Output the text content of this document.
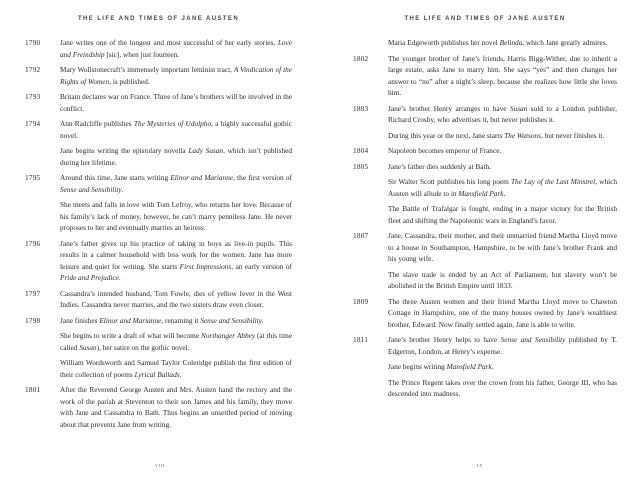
THE LIFE AND TIMES OF JANE AUSTEN
1790	Jane writes one of the longest and most successful of her early stories, Love and Freindship [sic], when just fourteen.

1792	Mary Wollstonecraft’s immensely important feminist tract, A Vindication of the Rights of Women, is published.

1793	Britain declares war on France. Three of Jane’s brothers will be involved in the conflict.

1794	Ann Radcliffe publishes The Mysteries of Udolpho, a highly successful gothic novel.

Jane begins writing the epistolary novella Lady Susan, which isn’t published during her lifetime.

1795	Around this time, Jane starts writing Elinor and Marianne, the first version of Sense and Sensibility.

She meets and falls in love with Tom Lefroy, who returns her love. Because of his family’s lack of money, however, he can’t marry penniless Jane. He never proposes to her and eventually marries an heiress.

1796	Jane’s father gives up his practice of taking in boys as live-in pupils. This results in a calmer household with less work for the women. Jane has more leisure and quiet for writing. She starts First Impressions, an early version of Pride and Prejudice.

1797	Cassandra’s intended husband, Tom Fowle, dies of yellow fever in the West Indies. Cassandra never marries, and the two sisters draw even closer.

1798	Jane finishes Elinor and Marianne, renaming it Sense and Sensibility.

She begins to write a draft of what will become Northanger Abbey (at this time called Susan), her satire on the gothic novel.

William Wordsworth and Samuel Taylor Coleridge publish the first edition of their collection of poems Lyrical Ballads.

1801	After the Reverend George Austen and Mrs. Austen hand the rectory and the work of the parish at Steventon to their son James and his family, they move with Jane and Cassandra to Bath. Thus begins an unsettled period of moving about that prevents Jane from writing.

viii
THE LIFE AND TIMES OF JANE AUSTEN

Maria Edgeworth publishes her novel Belinda, which Jane greatly admires.

1802	The younger brother of Jane’s friends, Harris Bigg-Wither, due to inherit a large estate, asks Jane to marry him. She says “yes” and then changes her answer to “no” after a night’s sleep, because she realizes how little she loves him.

1803	Jane’s brother Henry arranges to have Susan sold to a London publisher, Richard Crosby, who advertises it, but never publishes it.

During this year or the next, Jane starts The Watsons, but never finishes it.

1804	Napoleon becomes emperor of France.

1805	Jane’s father dies suddenly at Bath.

Sir Walter Scott publishes his long poem The Lay of the Last Minstrel, which Austen will allude to in Mansfield Park.

The Battle of Trafalgar is fought, ending in a major victory for the British fleet and shifting the Napoleonic wars in England’s favor.

1807	Jane, Cassandra, their mother, and their unmarried friend Martha Lloyd move to a house in Southampton, Hampshire, to be with Jane’s brother Frank and his young wife.

The slave trade is ended by an Act of Parliament, but slavery won’t be abolished in the British Empire until 1833.

1809	The three Austen women and their friend Martha Lloyd move to Chawton Cottage in Hampshire, one of the many houses owned by Jane’s wealthiest brother, Edward. Now finally settled again, Jane is able to write.

1811	Jane’s brother Henry helps to have Sense and Sensibility published by T. Edgerton, London, at Henry’s expense.

Jane begins writing Mansfield Park.

The Prince Regent takes over the crown from his father, George III, who has descended into madness.

ix
